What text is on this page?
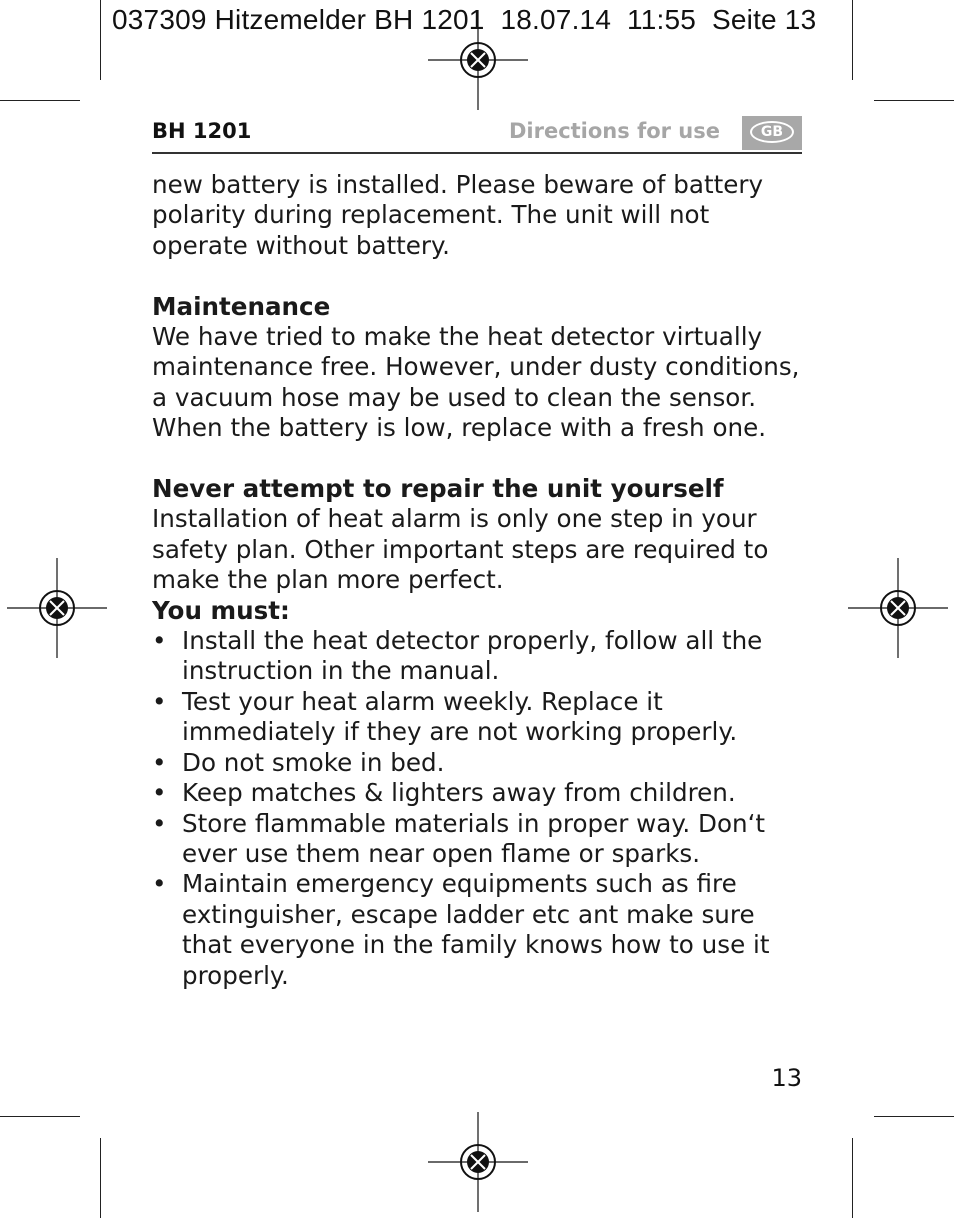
037309 Hitzemelder BH 1201  18.07.14  11:55  Seite 13
BH 1201	Directions for use	GB

new battery is installed. Please beware of battery polarity during replacement. The unit will not operate without battery.

Maintenance

We have tried to make the heat detector virtually maintenance free. However, under dusty conditions, a vacuum hose may be used to clean the sensor. When the battery is low, replace with a fresh one.

Never attempt to repair the unit yourself

Installation of heat alarm is only one step in your safety plan. Other important steps are required to make the plan more perfect.

You must:
• Install the heat detector properly, follow all the instruction in the manual.
• Test your heat alarm weekly. Replace it immediately if they are not working properly.
• Do not smoke in bed.
• Keep matches & lighters away from children.
• Store flammable materials in proper way. Don‘t ever use them near open flame or sparks.
• Maintain emergency equipments such as fire extinguisher, escape ladder etc ant make sure that everyone in the family knows how to use it properly.
13
